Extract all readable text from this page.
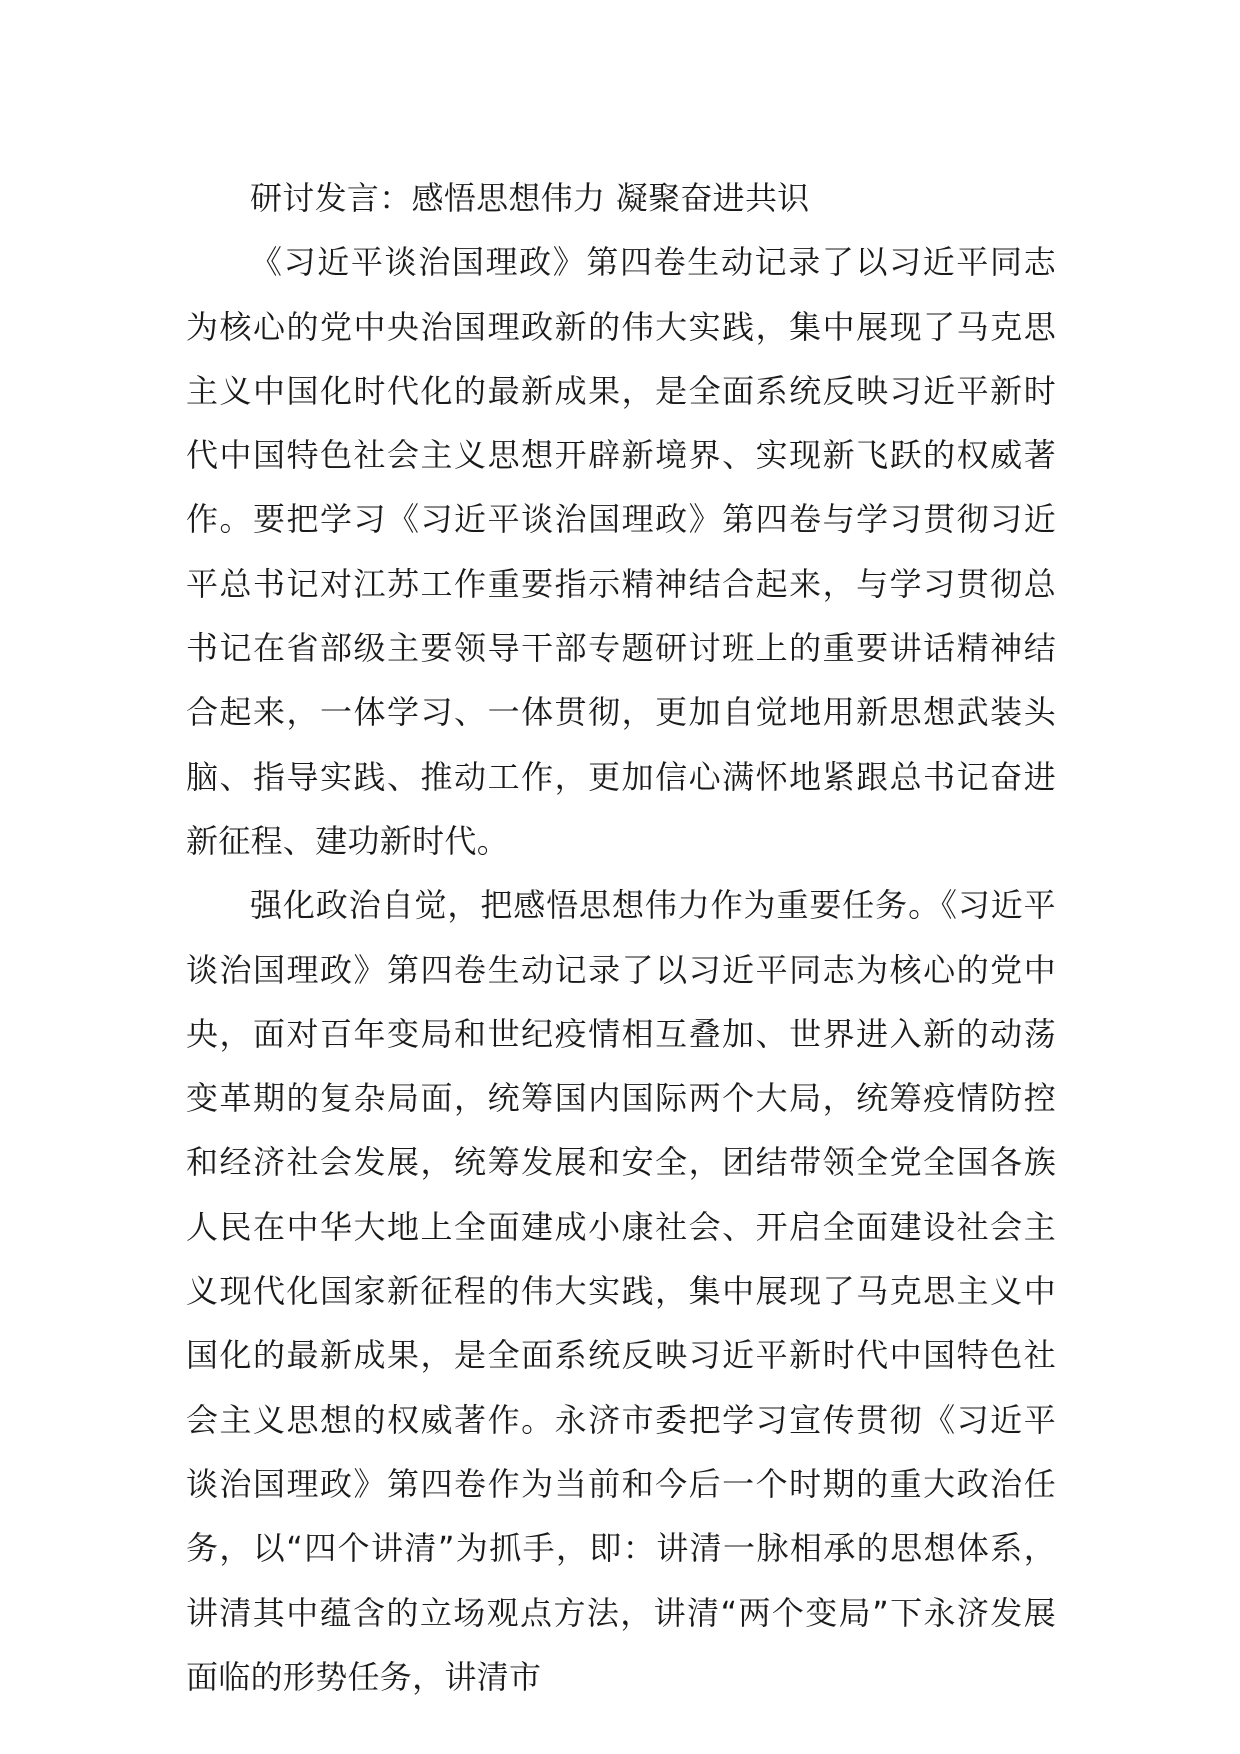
研讨发言：感悟思想伟力 凝聚奋进共识

《习近平谈治国理政》第四卷生动记录了以习近平同志为核心的党中央治国理政新的伟大实践，集中展现了马克思主义中国化时代化的最新成果，是全面系统反映习近平新时代中国特色社会主义思想开辟新境界、实现新飞跃的权威著作。要把学习《习近平谈治国理政》第四卷与学习贯彻习近平总书记对江苏工作重要指示精神结合起来，与学习贯彻总书记在省部级主要领导干部专题研讨班上的重要讲话精神结合起来，一体学习、一体贯彻，更加自觉地用新思想武装头脑、指导实践、推动工作，更加信心满怀地紧跟总书记奋进新征程、建功新时代。

强化政治自觉，把感悟思想伟力作为重要任务。《习近平谈治国理政》第四卷生动记录了以习近平同志为核心的党中央，面对百年变局和世纪疫情相互叠加、世界进入新的动荡变革期的复杂局面，统筹国内国际两个大局，统筹疫情防控和经济社会发展，统筹发展和安全，团结带领全党全国各族人民在中华大地上全面建成小康社会、开启全面建设社会主义现代化国家新征程的伟大实践，集中展现了马克思主义中国化的最新成果，是全面系统反映习近平新时代中国特色社会主义思想的权威著作。永济市委把学习宣传贯彻《习近平谈治国理政》第四卷作为当前和今后一个时期的重大政治任务，以“四个讲清”为抓手，即：讲清一脉相承的思想体系，讲清其中蕴含的立场观点方法，讲清“两个变局”下永济发展面临的形势任务，讲清市
